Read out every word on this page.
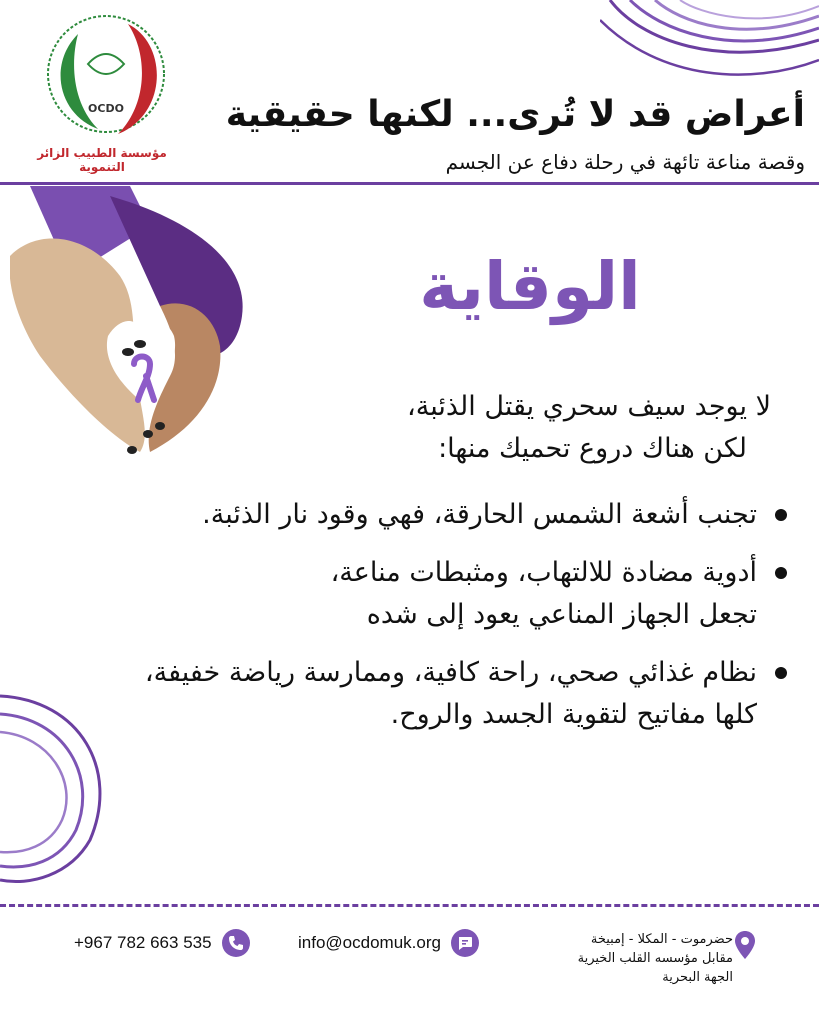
OCDO
مؤسسة الطبيب الزائر التنموية
أعراض قد لا تُرى... لكنها حقيقية
وقصة مناعة تائهة في رحلة دفاع عن الجسم
الوقاية
لا يوجد سيف سحري يقتل الذئبة،
لكن هناك دروع تحميك منها:
تجنب أشعة الشمس الحارقة، فهي وقود نار الذئبة.
أدوية مضادة للالتهاب، ومثبطات مناعة،
تجعل الجهاز المناعي يعود إلى شده
نظام غذائي صحي، راحة كافية، وممارسة رياضة خفيفة،
كلها مفاتيح لتقوية الجسد والروح.
+967 782 663 535	info@ocdomuk.org	حضرموت - المكلا - إمبيخة
مقابل مؤسسه القلب الخيرية
الجهة البحرية
